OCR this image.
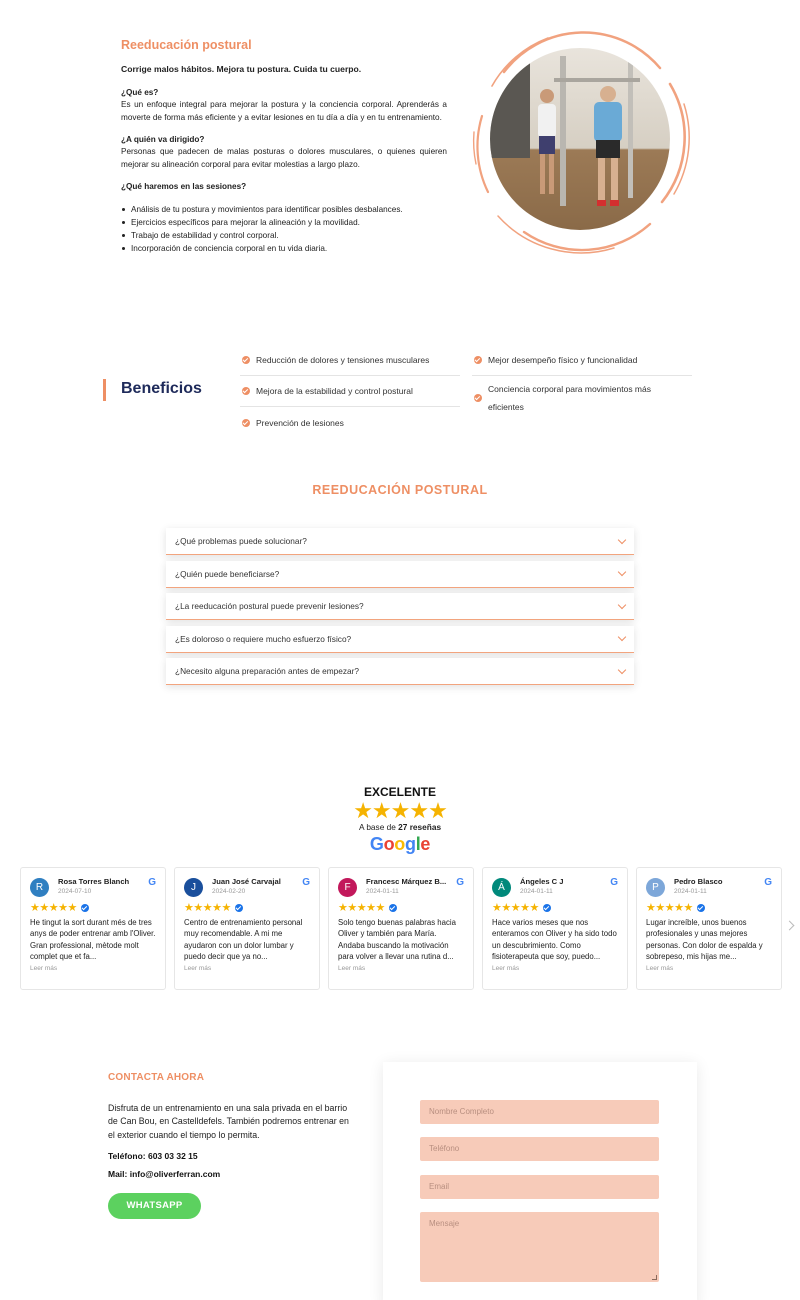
Reeducación postural
Corrige malos hábitos. Mejora tu postura. Cuida tu cuerpo.
¿Qué es?

Es un enfoque integral para mejorar la postura y la conciencia corporal. Aprenderás a moverte de forma más eficiente y a evitar lesiones en tu día a día y en tu entrenamiento.

¿A quién va dirigido?

Personas que padecen de malas posturas o dolores musculares, o quienes quieren mejorar su alineación corporal para evitar molestias a largo plazo.

¿Qué haremos en las sesiones?
Análisis de tu postura y movimientos para identificar posibles desbalances.
Ejercicios específicos para mejorar la alineación y la movilidad.
Trabajo de estabilidad y control corporal.
Incorporación de conciencia corporal en tu vida diaria.
Beneficios
Reducción de dolores y tensiones musculares
Mejora de la estabilidad y control postural
Prevención de lesiones
Mejor desempeño físico y funcionalidad
Conciencia corporal para movimientos más eficientes
REEDUCACIÓN POSTURAL
¿Qué problemas puede solucionar?
¿Quién puede beneficiarse?
¿La reeducación postural puede prevenir lesiones?
¿Es doloroso o requiere mucho esfuerzo físico?
¿Necesito alguna preparación antes de empezar?
EXCELENTE
★★★★★
A base de 27 reseñas
Google
R
Rosa Torres Blanch
2024-07-10
G
★★★★★
He tingut la sort durant més de tres anys de poder entrenar amb l'Oliver. Gran professional, mètode molt complet que et fa...
Leer más
J
Juan José Carvajal
2024-02-20
G
★★★★★
Centro de entrenamiento personal muy recomendable. A mi me ayudaron con un dolor lumbar y puedo decir que ya no...
Leer más
F
Francesc Márquez B...
2024-01-11
G
★★★★★
Solo tengo buenas palabras hacia Oliver y también para María. Andaba buscando la motivación para volver a llevar una rutina d...
Leer más
Á
Ángeles C J
2024-01-11
G
★★★★★
Hace varios meses que nos enteramos con Oliver y ha sido todo un descubrimiento. Como fisioterapeuta que soy, puedo...
Leer más
P
Pedro Blasco
2024-01-11
G
★★★★★
Lugar increíble, unos buenos profesionales y unas mejores personas. Con dolor de espalda y sobrepeso, mis hijas me...
Leer más
CONTACTA AHORA

Disfruta de un entrenamiento en una sala privada en el barrio de Can Bou, en Castelldefels. También podremos entrenar en el exterior cuando el tiempo lo permita.

Teléfono: 603 03 32 15
Mail: info@oliverferran.com
WHATSAPP
Nombre Completo
Teléfono
Email
Mensaje
